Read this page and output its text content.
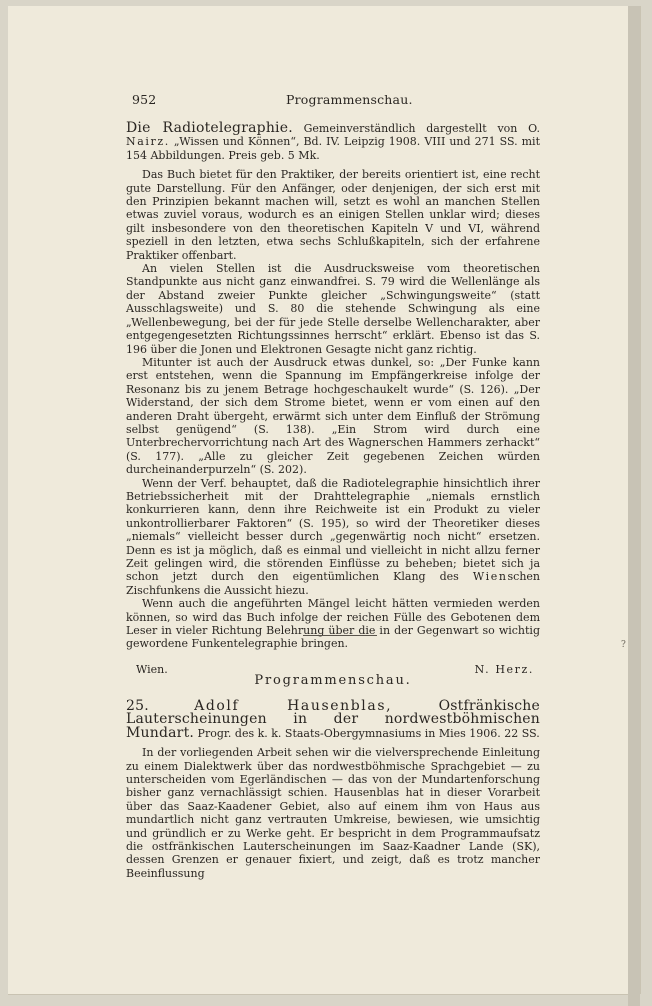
952	Programmenschau.

Die Radiotelegraphie. Gemeinverständlich dargestellt von O. Nairz. „Wissen und Können“, Bd. IV. Leipzig 1908. VIII und 271 SS. mit 154 Abbildungen. Preis geb. 5 Mk.

Das Buch bietet für den Praktiker, der bereits orientiert ist, eine recht gute Darstellung. Für den Anfänger, oder denjenigen, der sich erst mit den Prinzipien bekannt machen will, setzt es wohl an manchen Stellen etwas zuviel voraus, wodurch es an einigen Stellen unklar wird; dieses gilt insbesondere von den theoretischen Kapiteln V und VI, während speziell in den letzten, etwa sechs Schlußkapiteln, sich der erfahrene Praktiker offenbart.

An vielen Stellen ist die Ausdrucksweise vom theoretischen Standpunkte aus nicht ganz einwandfrei. S. 79 wird die Wellenlänge als der Abstand zweier Punkte gleicher „Schwingungsweite“ (statt Ausschlagsweite) und S. 80 die stehende Schwingung als eine „Wellenbewegung, bei der für jede Stelle derselbe Wellencharakter, aber entgegengesetzten Richtungssinnes herrscht“ erklärt. Ebenso ist das S. 196 über die Jonen und Elektronen Gesagte nicht ganz richtig.

Mitunter ist auch der Ausdruck etwas dunkel, so: „Der Funke kann erst entstehen, wenn die Spannung im Empfängerkreise infolge der Resonanz bis zu jenem Betrage hochgeschaukelt wurde“ (S. 126). „Der Widerstand, der sich dem Strome bietet, wenn er vom einen auf den anderen Draht übergeht, erwärmt sich unter dem Einfluß der Strömung selbst genügend“ (S. 138). „Ein Strom wird durch eine Unterbrechervorrichtung nach Art des Wagnerschen Hammers zerhackt“ (S. 177). „Alle zu gleicher Zeit gegebenen Zeichen würden durcheinanderpurzeln“ (S. 202).

Wenn der Verf. behauptet, daß die Radiotelegraphie hinsichtlich ihrer Betriebssicherheit mit der Drahttelegraphie „niemals ernstlich konkurrieren kann, denn ihre Reichweite ist ein Produkt zu vieler unkontrollierbarer Faktoren“ (S. 195), so wird der Theoretiker dieses „niemals“ vielleicht besser durch „gegenwärtig noch nicht“ ersetzen. Denn es ist ja möglich, daß es einmal und vielleicht in nicht allzu ferner Zeit gelingen wird, die störenden Einflüsse zu beheben; bietet sich ja schon jetzt durch den eigentümlichen Klang des Wienschen Zischfunkens die Aussicht hiezu.

Wenn auch die angeführten Mängel leicht hätten vermieden werden können, so wird das Buch infolge der reichen Fülle des Gebotenen dem Leser in vieler Richtung Belehrung über die in der Gegenwart so wichtig gewordene Funkentelegraphie bringen.

Wien.	N. Herz.
?
Programmenschau.

25.	Adolf Hausenblas, Ostfränkische Lauterscheinungen in der nordwestböhmischen Mundart. Progr. des k. k. Staats-Obergymnasiums in Mies 1906. 22 SS.

In der vorliegenden Arbeit sehen wir die vielversprechende Einleitung zu einem Dialektwerk über das nordwestböhmische Sprachgebiet — zu unterscheiden vom Egerländischen — das von der Mundartenforschung bisher ganz vernachlässigt schien. Hausenblas hat in dieser Vorarbeit über das Saaz-Kaadener Gebiet, also auf einem ihm von Haus aus mundartlich nicht ganz vertrauten Umkreise, bewiesen, wie umsichtig und gründlich er zu Werke geht. Er bespricht in dem Programmaufsatz die ostfränkischen Lauterscheinungen im Saaz-Kaadner Lande (SK), dessen Grenzen er genauer fixiert, und zeigt, daß es trotz mancher Beeinflussung
